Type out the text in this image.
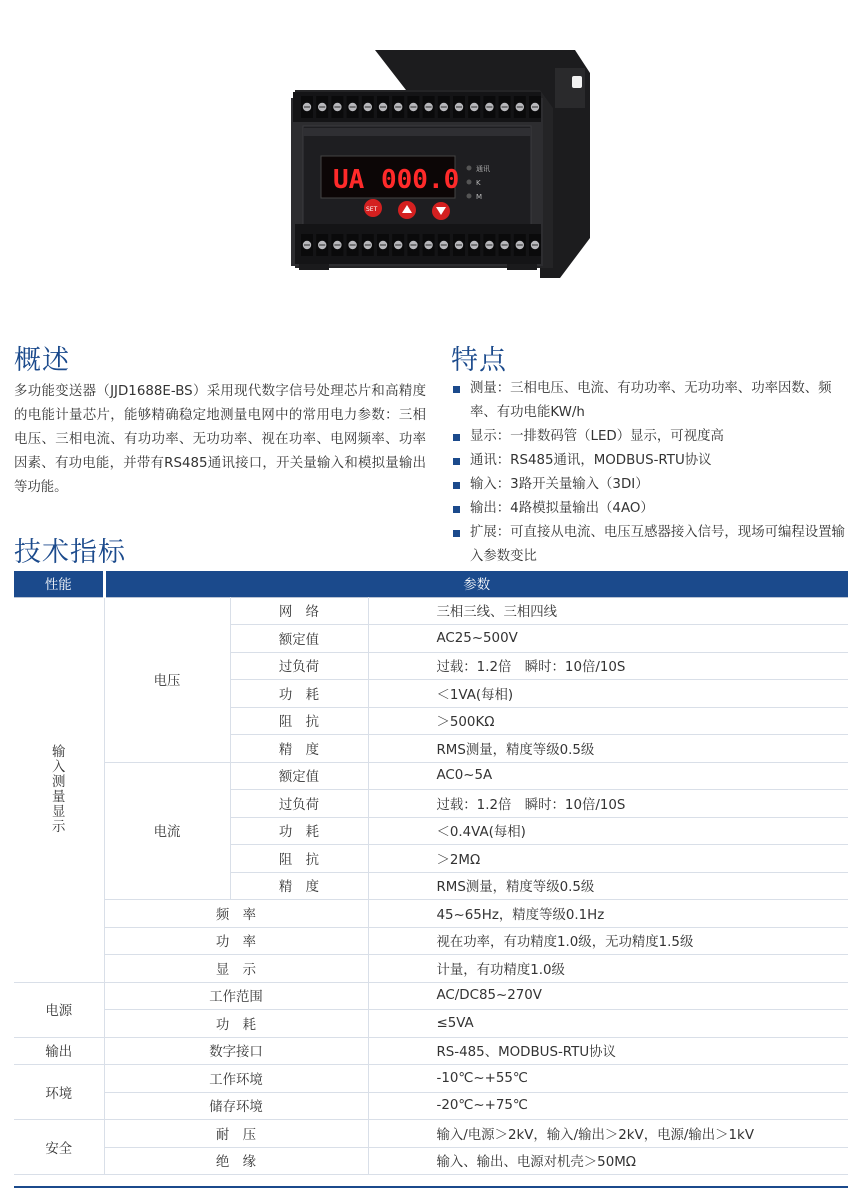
UA 000.0 通讯
K
M
SET
概述

多功能变送器（JJD1688E-BS）采用现代数字信号处理芯片和高精度的电能计量芯片，能够精确稳定地测量电网中的常用电力参数：三相电压、三相电流、有功功率、无功功率、视在功率、电网频率、功率因素、有功电能，并带有RS485通讯接口，开关量输入和模拟量输出等功能。

特点
测量：三相电压、电流、有功功率、无功功率、功率因数、频率、有功电能KW/h
显示：一排数码管（LED）显示，可视度高
通讯：RS485通讯，MODBUS-RTU协议
输入：3路开关量输入（3DI）
输出：4路模拟量输出（4AO）
扩展：可直接从电流、电压互感器接入信号，现场可编程设置输入参数变比
技术指标
性能	参数		
输入测量显示	电压	网　络	三相三线、三相四线
		额定值	AC25~500V
		过负荷	过载：1.2倍　瞬时：10倍/10S
		功　耗	＜1VA(每相)
		阻　抗	＞500KΩ
		精　度	RMS测量，精度等级0.5级
	电流	额定值	AC0~5A
		过负荷	过载：1.2倍　瞬时：10倍/10S
		功　耗	＜0.4VA(每相)
		阻　抗	＞2MΩ
		精　度	RMS测量，精度等级0.5级
	频　率		45~65Hz，精度等级0.1Hz
	功　率		视在功率，有功精度1.0级，无功精度1.5级
	显　示		计量，有功精度1.0级
电源	工作范围		AC/DC85~270V
	功　耗		≤5VA
输出	数字接口		RS-485、MODBUS-RTU协议
环境	工作环境		-10℃~+55℃
	储存环境		-20℃~+75℃
安全	耐　压		输入/电源＞2kV，输入/输出＞2kV，电源/输出＞1kV
	绝　缘		输入、输出、电源对机壳＞50MΩ
